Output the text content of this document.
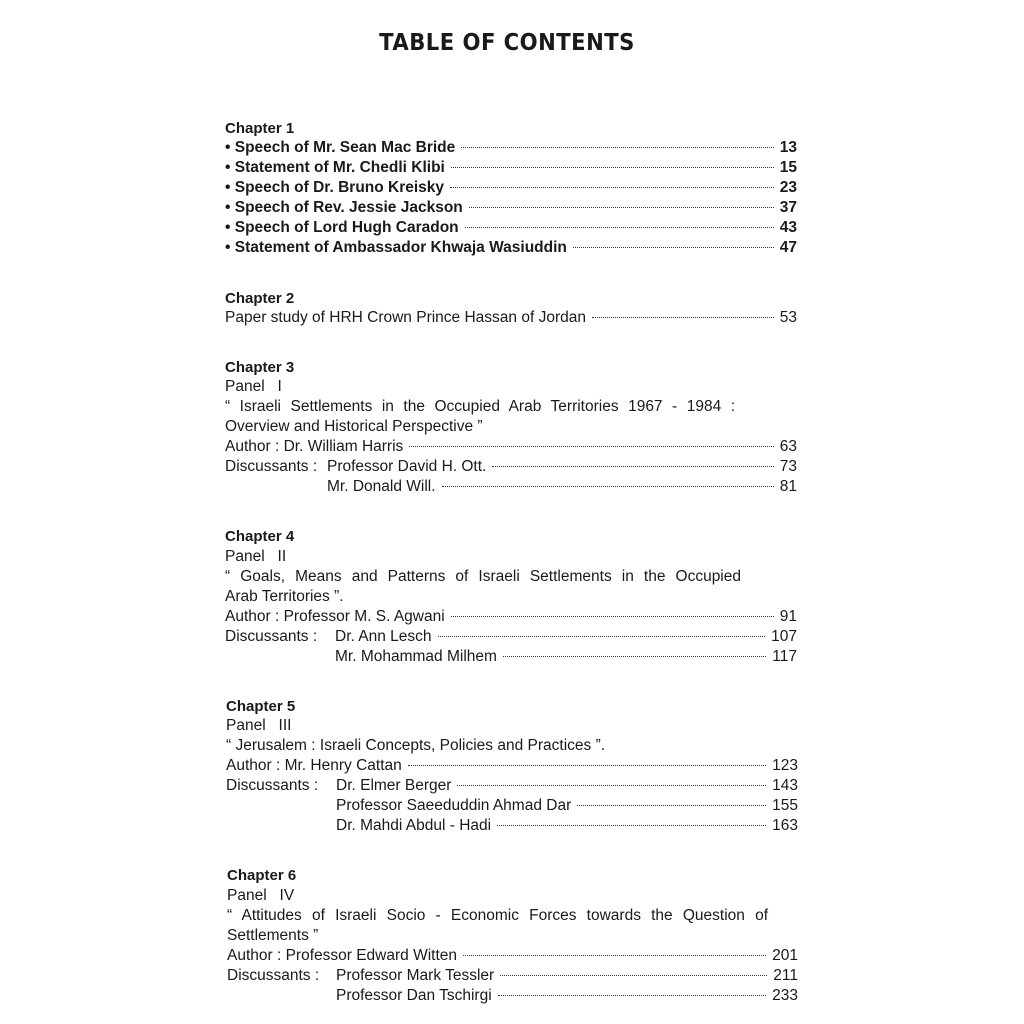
TABLE OF CONTENTS
Chapter 1
• Speech of Mr. Sean Mac Bride	13
• Statement of Mr. Chedli Klibi	15
• Speech of Dr. Bruno Kreisky	23
• Speech of Rev. Jessie Jackson	37
• Speech of Lord Hugh Caradon	43
• Statement of Ambassador Khwaja Wasiuddin	47
Chapter 2
Paper study of HRH Crown Prince Hassan of Jordan	53
Chapter 3
Panel   I
“ Israeli Settlements in the Occupied Arab Territories 1967 - 1984 :
Overview and Historical Perspective ”
Author : Dr. William Harris	63
Discussants : Professor David H. Ott.	73
Mr. Donald Will.	81
Chapter 4
Panel   II
“ Goals, Means and Patterns of Israeli Settlements in the Occupied
Arab Territories ”.
Author : Professor M. S. Agwani	91
Discussants : Dr. Ann Lesch	107
Mr. Mohammad Milhem	117
Chapter 5
Panel   III
“ Jerusalem : Israeli Concepts, Policies and Practices ”.
Author : Mr. Henry Cattan	123
Discussants : Dr. Elmer Berger	143
Professor Saeeduddin Ahmad Dar	155
Dr. Mahdi Abdul - Hadi	163
Chapter 6
Panel   IV
“ Attitudes of Israeli Socio - Economic Forces towards the Question of
Settlements ”
Author : Professor Edward Witten	201
Discussants : Professor Mark Tessler	211
Professor Dan Tschirgi	233
